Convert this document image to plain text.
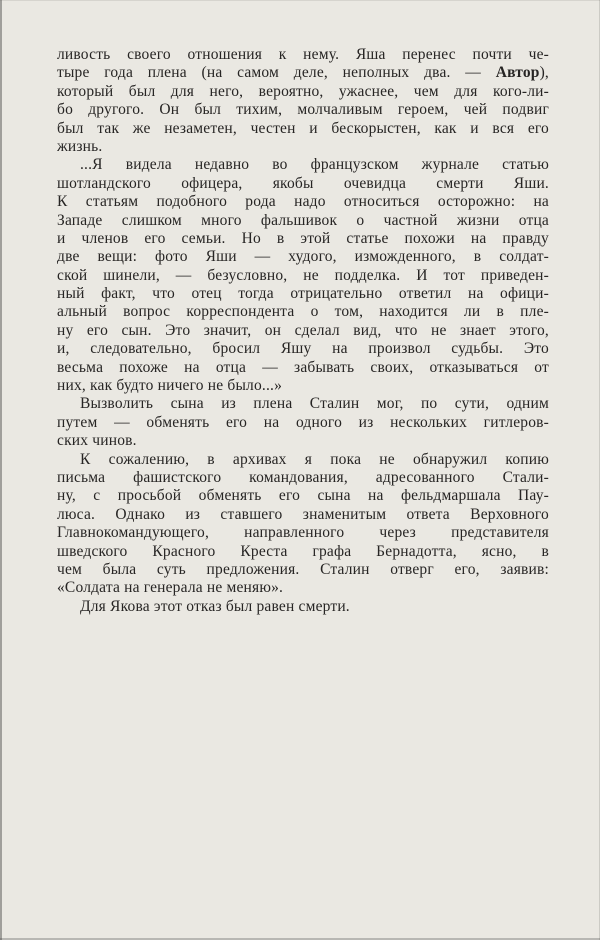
ливость своего отношения к нему. Яша перенес почти че-
тыре года плена (на самом деле, неполных два. — Автор),
который был для него, вероятно, ужаснее, чем для кого-ли-
бо другого. Он был тихим, молчаливым героем, чей подвиг
был так же незаметен, честен и бескорыстен, как и вся его
жизнь.
...Я видела недавно во французском журнале статью
шотландского офицера, якобы очевидца смерти Яши.
К статьям подобного рода надо относиться осторожно: на
Западе слишком много фальшивок о частной жизни отца
и членов его семьи. Но в этой статье похожи на правду
две вещи: фото Яши — худого, изможденного, в солдат-
ской шинели, — безусловно, не подделка. И тот приведен-
ный факт, что отец тогда отрицательно ответил на офици-
альный вопрос корреспондента о том, находится ли в пле-
ну его сын. Это значит, он сделал вид, что не знает этого,
и, следовательно, бросил Яшу на произвол судьбы. Это
весьма похоже на отца — забывать своих, отказываться от
них, как будто ничего не было...»
Вызволить сына из плена Сталин мог, по сути, одним
путем — обменять его на одного из нескольких гитлеров-
ских чинов.
К сожалению, в архивах я пока не обнаружил копию
письма фашистского командования, адресованного Стали-
ну, с просьбой обменять его сына на фельдмаршала Пау-
люса. Однако из ставшего знаменитым ответа Верховного
Главнокомандующего, направленного через представителя
шведского Красного Креста графа Бернадотта, ясно, в
чем была суть предложения. Сталин отверг его, заявив:
«Солдата на генерала не меняю».
Для Якова этот отказ был равен смерти.
